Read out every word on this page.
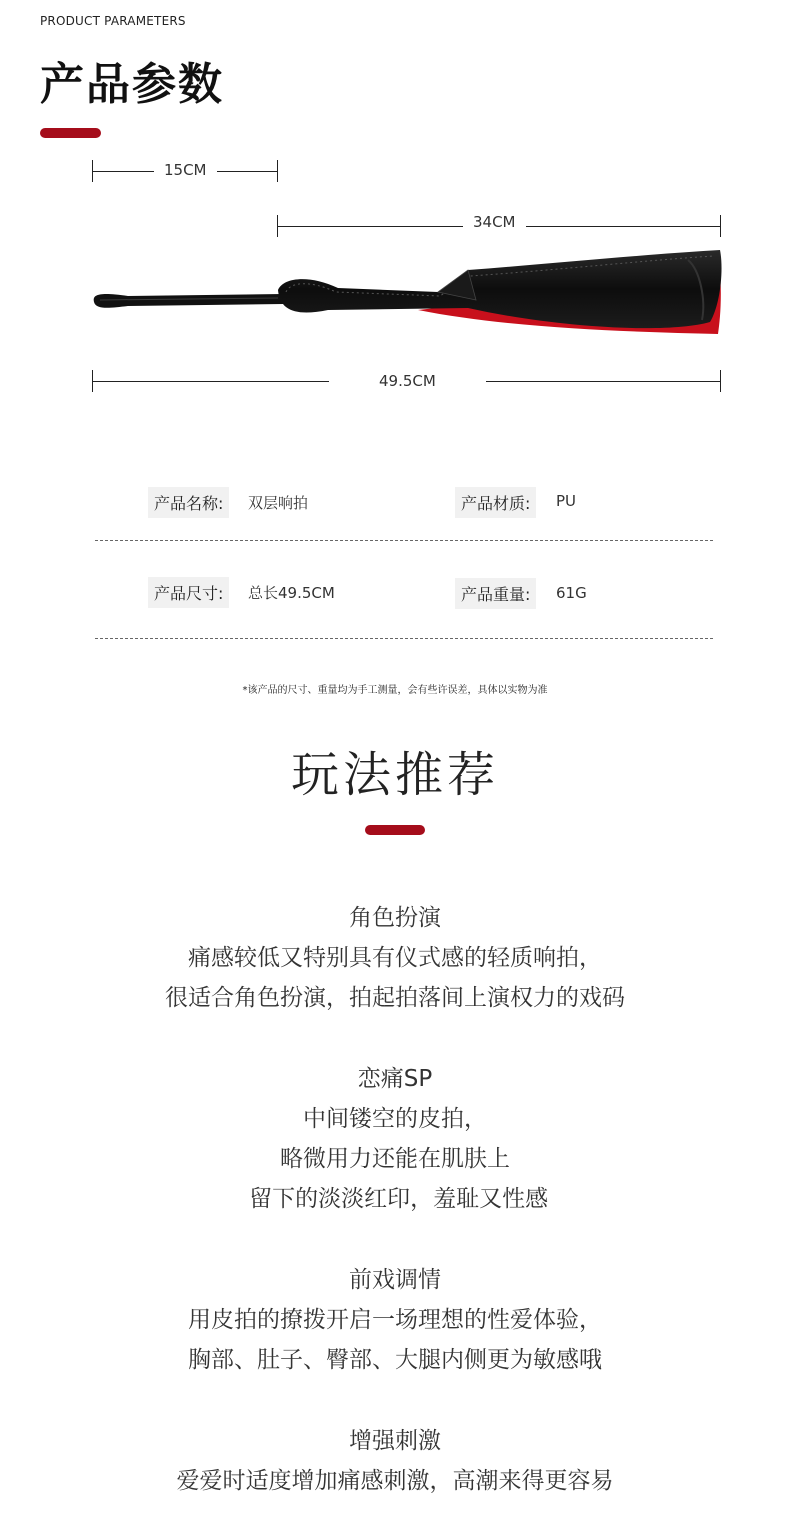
PRODUCT PARAMETERS
产品参数
15CM
34CM
49.5CM
产品名称:	双层响拍	产品材质:	PU
产品尺寸:	总长49.5CM	产品重量:	61G
*该产品的尺寸、重量均为手工测量，会有些许误差，具体以实物为准
玩法推荐
角色扮演
痛感较低又特别具有仪式感的轻质响拍，
很适合角色扮演，拍起拍落间上演权力的戏码
恋痛SP
中间镂空的皮拍，
略微用力还能在肌肤上
留下的淡淡红印，羞耻又性感
前戏调情
用皮拍的撩拨开启一场理想的性爱体验，
胸部、肚子、臀部、大腿内侧更为敏感哦
增强刺激
爱爱时适度增加痛感刺激，高潮来得更容易
